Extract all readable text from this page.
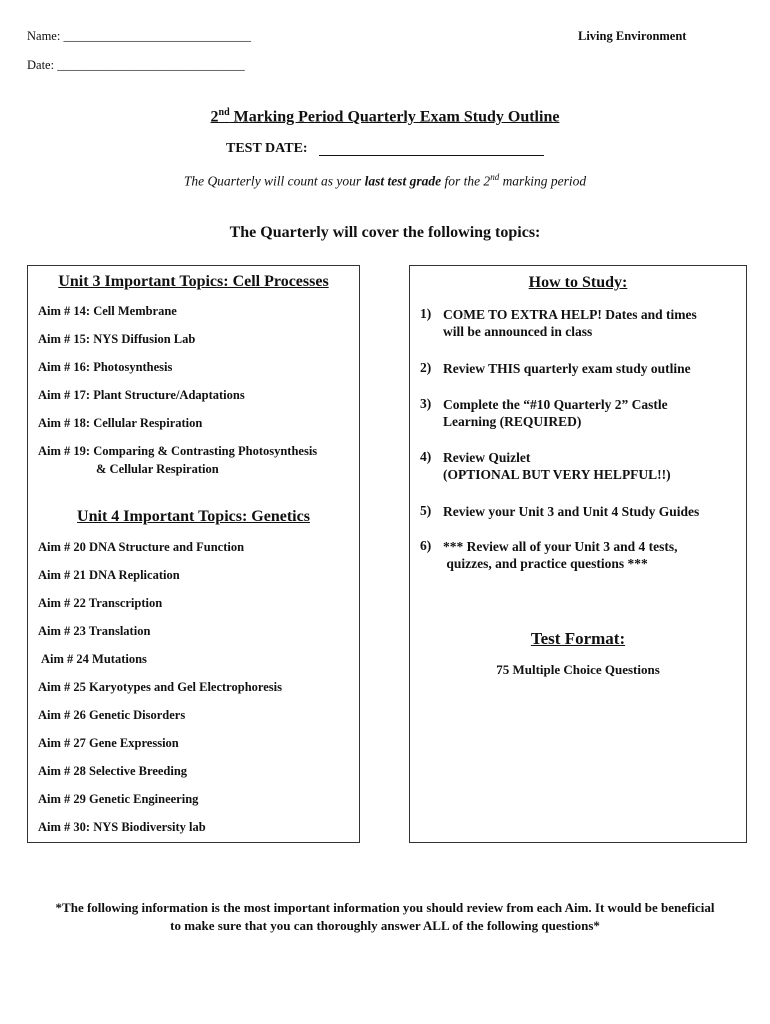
Name: ______________________________	Living Environment
Date: ______________________________
2nd Marking Period Quarterly Exam Study Outline
TEST DATE:
The Quarterly will count as your last test grade for the 2nd marking period
The Quarterly will cover the following topics:
Unit 3 Important Topics: Cell Processes
Aim # 14: Cell Membrane
Aim # 15: NYS Diffusion Lab
Aim # 16: Photosynthesis
Aim # 17: Plant Structure/Adaptations
Aim # 18: Cellular Respiration
Aim # 19: Comparing & Contrasting Photosynthesis
& Cellular Respiration
Unit 4 Important Topics: Genetics
Aim # 20 DNA Structure and Function
Aim # 21 DNA Replication
Aim # 22 Transcription
Aim # 23 Translation
Aim # 24 Mutations
Aim # 25 Karyotypes and Gel Electrophoresis
Aim # 26 Genetic Disorders
Aim # 27 Gene Expression
Aim # 28 Selective Breeding
Aim # 29 Genetic Engineering
Aim # 30: NYS Biodiversity lab
How to Study:
1) COME TO EXTRA HELP! Dates and times
will be announced in class
2) Review THIS quarterly exam study outline
3) Complete the “#10 Quarterly 2” Castle
Learning (REQUIRED)
4) Review Quizlet
(OPTIONAL BUT VERY HELPFUL!!)
5) Review your Unit 3 and Unit 4 Study Guides
6) *** Review all of your Unit 3 and 4 tests,
quizzes, and practice questions ***
Test Format:
75 Multiple Choice Questions
*The following information is the most important information you should review from each Aim. It would be beneficial
to make sure that you can thoroughly answer ALL of the following questions*
